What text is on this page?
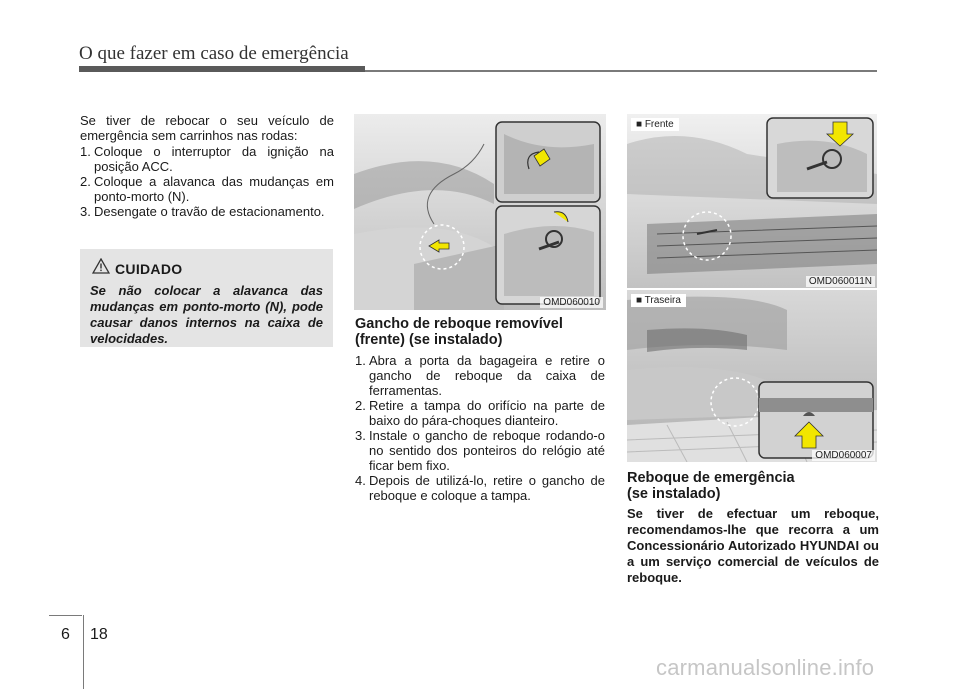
O que fazer em caso de emergência

Se tiver de rebocar o seu veículo de emergência sem carrinhos nas rodas:

1. Coloque o interruptor da ignição na posição ACC.
2. Coloque a alavanca das mudanças em ponto-morto (N).
3. Desengate o travão de estacionamento.
CUIDADO

Se não colocar a alavanca das mudanças em ponto-morto (N), pode causar danos internos na caixa de velocidades.

OMD060010
■ Frente
OMD060011N
■ Traseira
OMD060007
Gancho de reboque removível
(frente) (se instalado)
1. Abra a porta da bagageira e retire o gancho de reboque da caixa de ferramentas.
2. Retire a tampa do orifício na parte de baixo do pára-choques dianteiro.
3. Instale o gancho de reboque rodando-o no sentido dos ponteiros do relógio até ficar bem fixo.
4. Depois de utilizá-lo, retire o gancho de reboque e coloque a tampa.
Reboque de emergência
(se instalado)

Se tiver de efectuar um reboque, recomendamos-lhe que recorra a um Concessionário Autorizado HYUNDAI ou a um serviço comercial de veículos de reboque.

6 18
carmanualsonline.info
